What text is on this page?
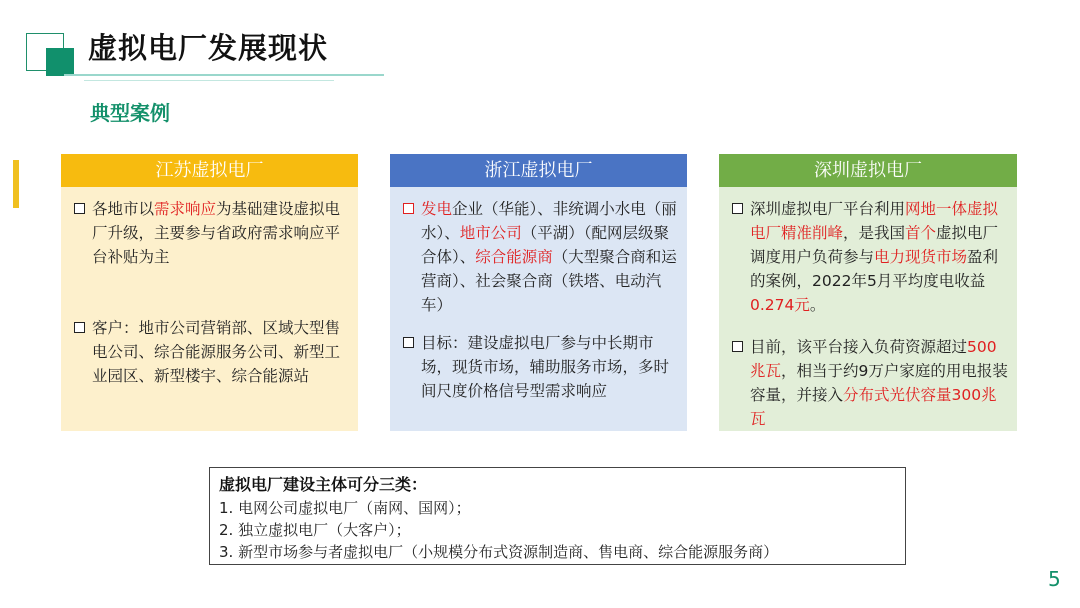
虚拟电厂发展现状
典型案例
江苏虚拟电厂
各地市以需求响应为基础建设虚拟电厂升级，主要参与省政府需求响应平台补贴为主
客户：地市公司营销部、区域大型售电公司、综合能源服务公司、新型工业园区、新型楼宇、综合能源站
浙江虚拟电厂
发电企业（华能）、非统调小水电（丽水）、地市公司（平湖）（配网层级聚合体）、综合能源商（大型聚合商和运营商）、社会聚合商（铁塔、电动汽车）
目标：建设虚拟电厂参与中长期市场，现货市场，辅助服务市场，多时间尺度价格信号型需求响应
深圳虚拟电厂
深圳虚拟电厂平台利用网地一体虚拟电厂精准削峰，是我国首个虚拟电厂调度用户负荷参与电力现货市场盈利的案例，2022年5月平均度电收益0.274元。
目前，该平台接入负荷资源超过500兆瓦，相当于约9万户家庭的用电报装容量，并接入分布式光伏容量300兆瓦
虚拟电厂建设主体可分三类：
1. 电网公司虚拟电厂（南网、国网）；
2. 独立虚拟电厂（大客户）；
3. 新型市场参与者虚拟电厂（小规模分布式资源制造商、售电商、综合能源服务商）
5
